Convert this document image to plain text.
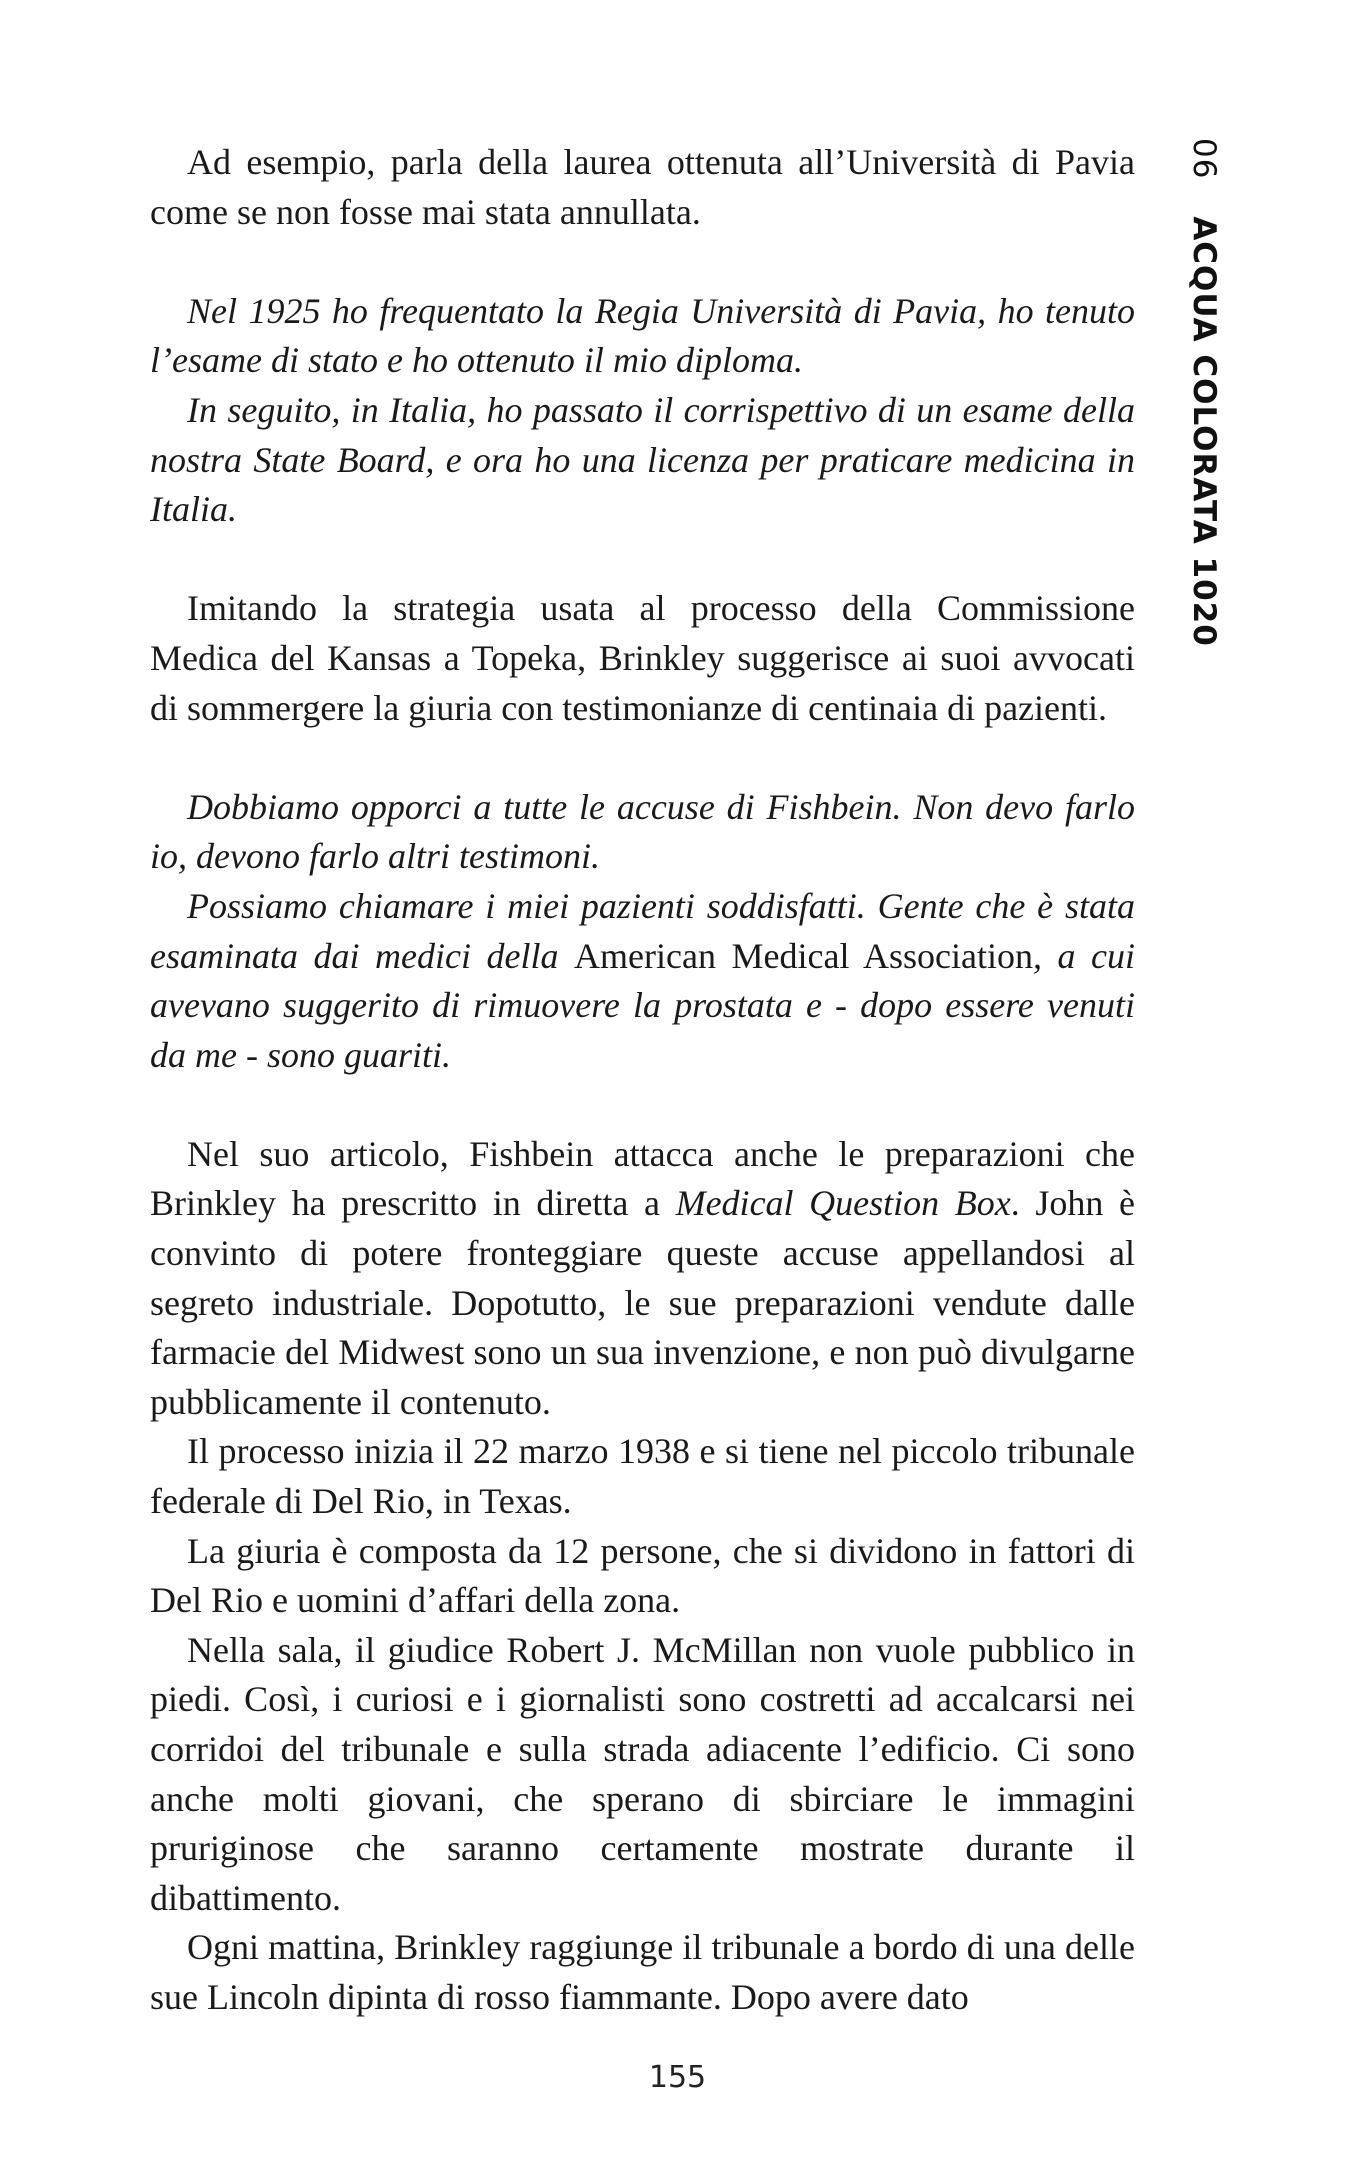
06 ACQUA COLORATA 1020

Ad esempio, parla della laurea ottenuta all’Università di Pavia come se non fosse mai stata annullata.

Nel 1925 ho frequentato la Regia Università di Pavia, ho tenuto l’esame di stato e ho ottenuto il mio diploma.

In seguito, in Italia, ho passato il corrispettivo di un esame della nostra State Board, e ora ho una licenza per praticare medicina in Italia.

Imitando la strategia usata al processo della Commissione Medica del Kansas a Topeka, Brinkley suggerisce ai suoi avvocati di sommergere la giuria con testimonianze di centinaia di pazienti.

Dobbiamo opporci a tutte le accuse di Fishbein. Non devo farlo io, devono farlo altri testimoni.

Possiamo chiamare i miei pazienti soddisfatti. Gente che è stata esaminata dai medici della American Medical Association, a cui avevano suggerito di rimuovere la prostata e - dopo essere venuti da me - sono guariti.

Nel suo articolo, Fishbein attacca anche le preparazioni che Brinkley ha prescritto in diretta a Medical Question Box. John è convinto di potere fronteggiare queste accuse appellandosi al segreto industriale. Dopotutto, le sue preparazioni vendute dalle farmacie del Midwest sono un sua invenzione, e non può divulgarne pubblicamente il contenuto.

Il processo inizia il 22 marzo 1938 e si tiene nel piccolo tribunale federale di Del Rio, in Texas.

La giuria è composta da 12 persone, che si dividono in fattori di Del Rio e uomini d’affari della zona.

Nella sala, il giudice Robert J. McMillan non vuole pubblico in piedi. Così, i curiosi e i giornalisti sono costretti ad accalcarsi nei corridoi del tribunale e sulla strada adiacente l’edificio. Ci sono anche molti giovani, che sperano di sbirciare le immagini pruriginose che saranno certamente mostrate durante il dibattimento.

Ogni mattina, Brinkley raggiunge il tribunale a bordo di una delle sue Lincoln dipinta di rosso fiammante. Dopo avere dato

155
